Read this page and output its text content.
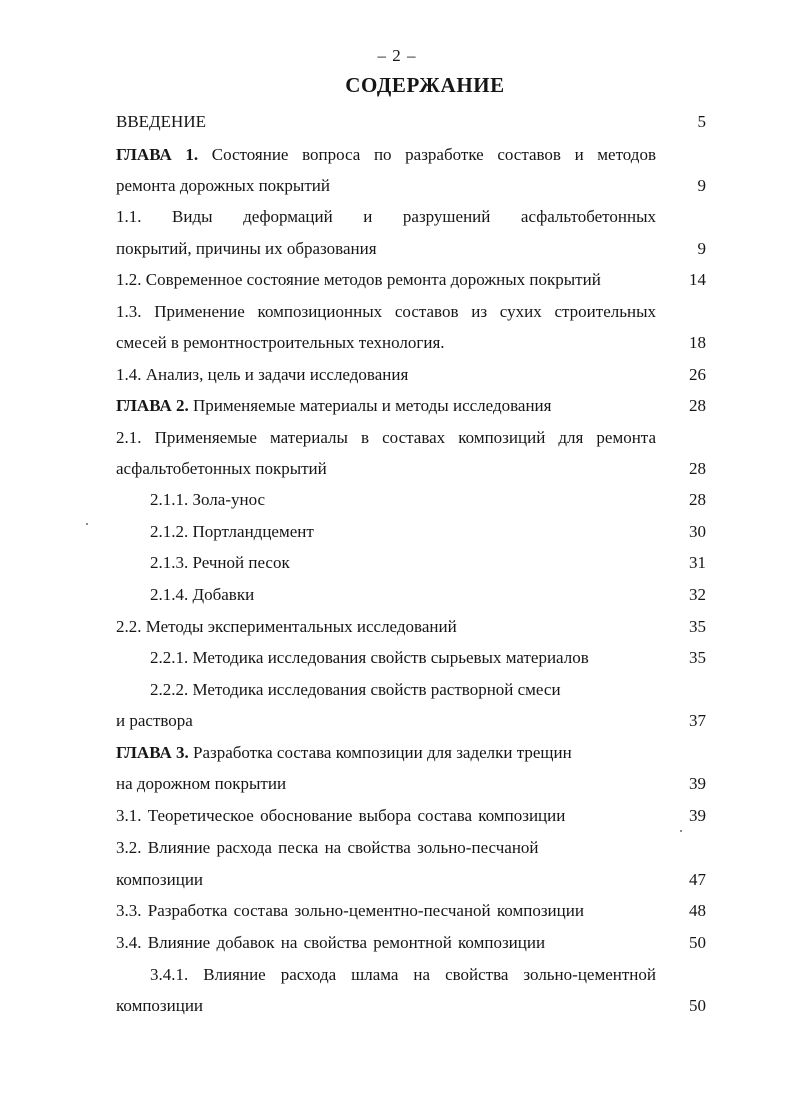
– 2 –
СОДЕРЖАНИЕ
ВВЕДЕНИЕ	5
ГЛАВА 1. Состояние вопроса по разработке составов и методов
ремонта дорожных покрытий	9
1.1. Виды деформаций и разрушений асфальтобетонных
покрытий, причины их образования	9
1.2. Современное состояние методов ремонта дорожных покрытий	14
1.3. Применение композиционных составов из сухих строительных
смесей в ремонтностроительных технология.	18
1.4. Анализ, цель и задачи исследования	26
ГЛАВА 2. Применяемые материалы и методы исследования	28
2.1. Применяемые материалы в составах композиций для ремонта
асфальтобетонных покрытий	28
2.1.1. Зола-унос	28
2.1.2. Портландцемент	30
2.1.3. Речной песок	31
2.1.4. Добавки	32
2.2. Методы экспериментальных исследований	35
2.2.1. Методика исследования свойств сырьевых материалов	35
2.2.2. Методика исследования свойств растворной смеси
и раствора	37
ГЛАВА 3. Разработка состава композиции для заделки трещин
на дорожном покрытии	39
3.1. Теоретическое обоснование выбора состава композиции	39
3.2. Влияние расхода песка на свойства зольно-песчаной
композиции	47
3.3. Разработка состава зольно-цементно-песчаной композиции	48
3.4. Влияние добавок на свойства ремонтной композиции	50
3.4.1. Влияние расхода шлама на свойства зольно-цементной
композиции	50
